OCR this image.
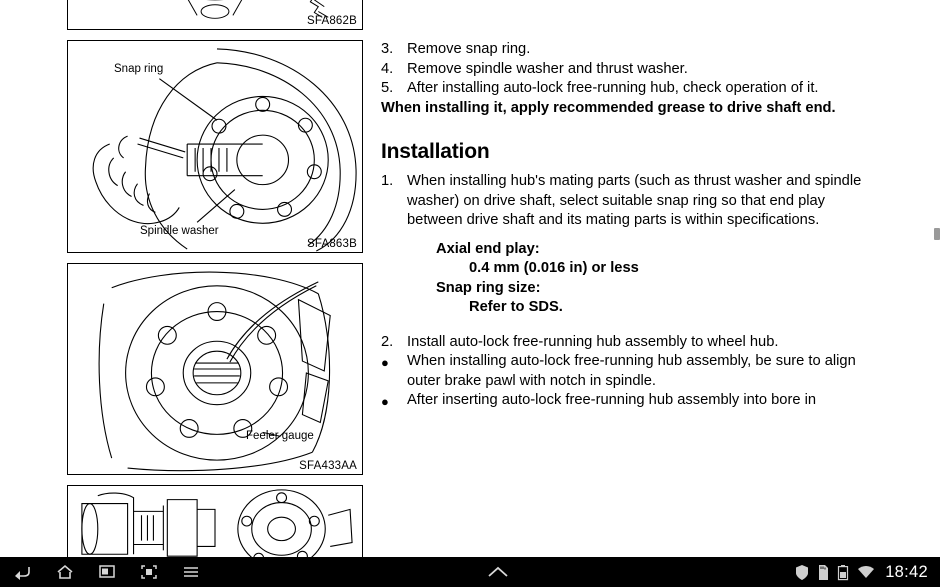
SFA862B
Snap ring
Spindle washer
SFA863B
Feeler gauge
SFA433AA
3. Remove snap ring.
4. Remove spindle washer and thrust washer.
5. After installing auto-lock free-running hub, check operation of it.
When installing it, apply recommended grease to drive shaft end.
Installation
1. When installing hub's mating parts (such as thrust washer and spindle washer) on drive shaft, select suitable snap ring so that end play between drive shaft and its mating parts is within specifications.
Axial end play:
0.4 mm (0.016 in) or less
Snap ring size:
Refer to SDS.
2. Install auto-lock free-running hub assembly to wheel hub.
●	When installing auto-lock free-running hub assembly, be sure to align outer brake pawl with notch in spindle.
●	After inserting auto-lock free-running hub assembly into bore in
18:42
